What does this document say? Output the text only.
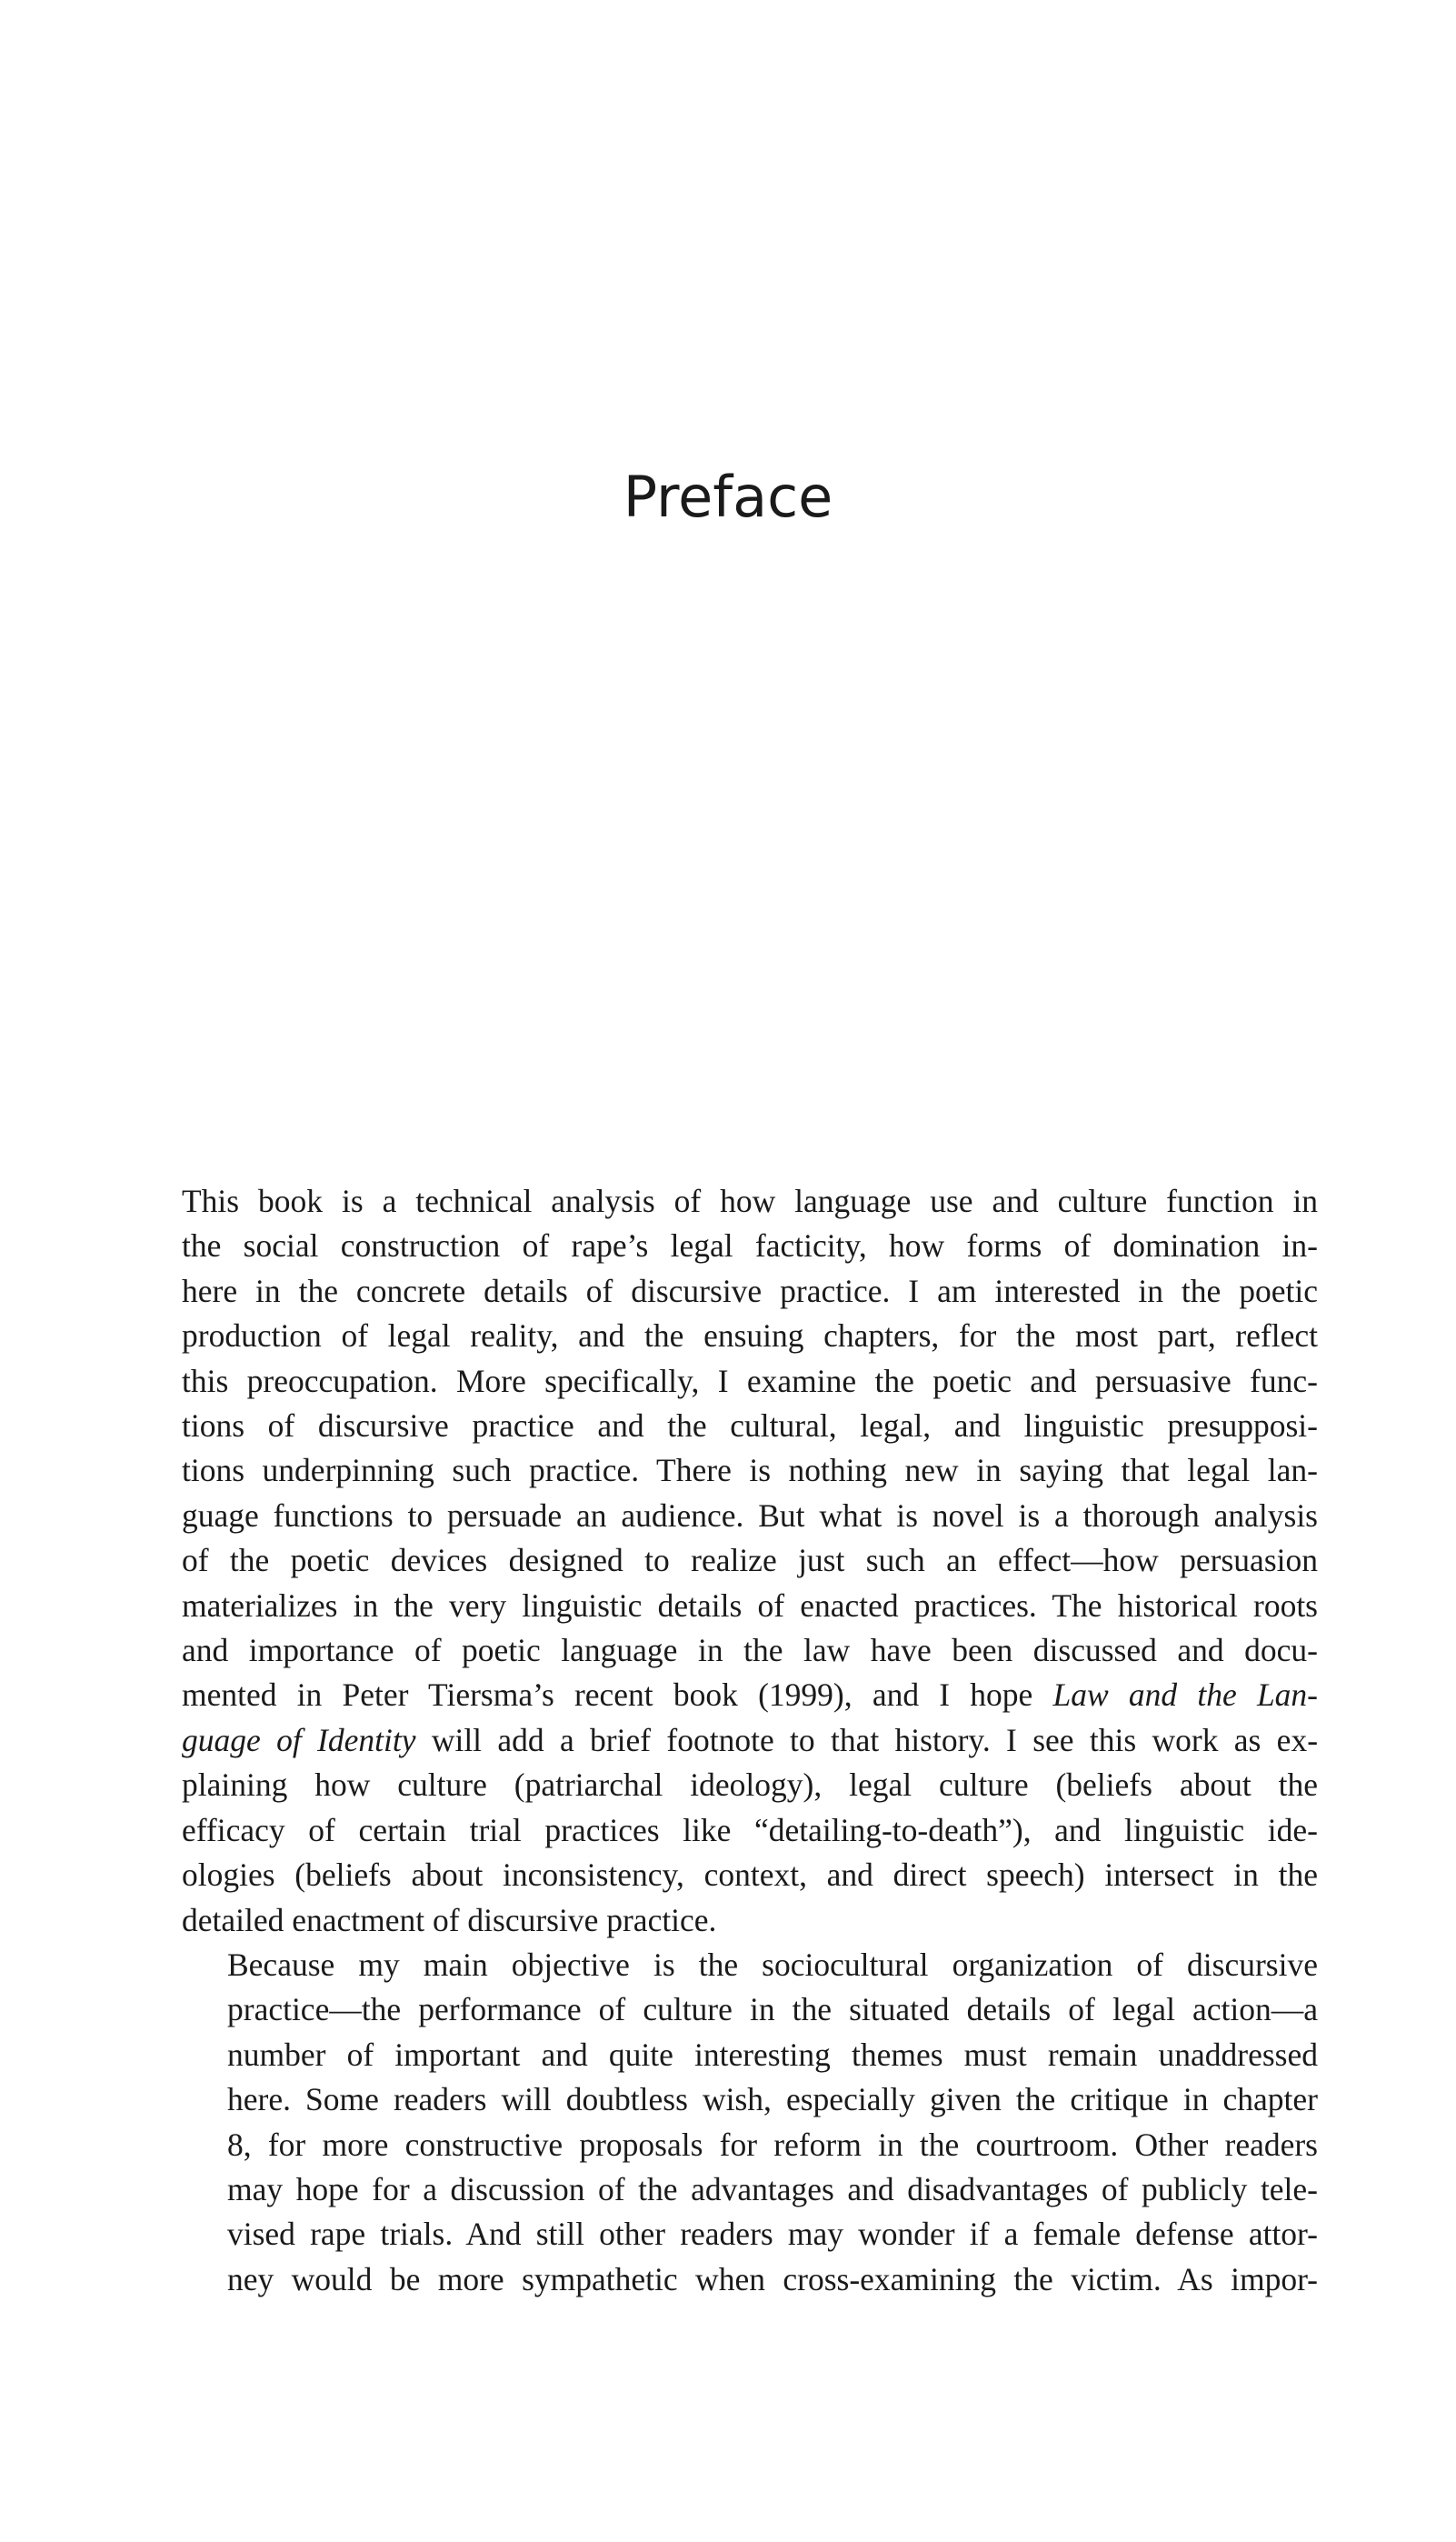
Preface

This book is a technical analysis of how language use and culture function in
the social construction of rape’s legal facticity, how forms of domination in-
here in the concrete details of discursive practice. I am interested in the poetic
production of legal reality, and the ensuing chapters, for the most part, reflect
this preoccupation. More specifically, I examine the poetic and persuasive func-
tions of discursive practice and the cultural, legal, and linguistic presupposi-
tions underpinning such practice. There is nothing new in saying that legal lan-
guage functions to persuade an audience. But what is novel is a thorough analysis
of the poetic devices designed to realize just such an effect—how persuasion
materializes in the very linguistic details of enacted practices. The historical roots
and importance of poetic language in the law have been discussed and docu-
mented in Peter Tiersma’s recent book (1999), and I hope Law and the Lan-
guage of Identity will add a brief footnote to that history. I see this work as ex-
plaining how culture (patriarchal ideology), legal culture (beliefs about the
efficacy of certain trial practices like “detailing-to-death”), and linguistic ide-
ologies (beliefs about inconsistency, context, and direct speech) intersect in the
detailed enactment of discursive practice.

Because my main objective is the sociocultural organization of discursive
practice—the performance of culture in the situated details of legal action—a
number of important and quite interesting themes must remain unaddressed
here. Some readers will doubtless wish, especially given the critique in chapter
8, for more constructive proposals for reform in the courtroom. Other readers
may hope for a discussion of the advantages and disadvantages of publicly tele-
vised rape trials. And still other readers may wonder if a female defense attor-
ney would be more sympathetic when cross-examining the victim. As impor-
